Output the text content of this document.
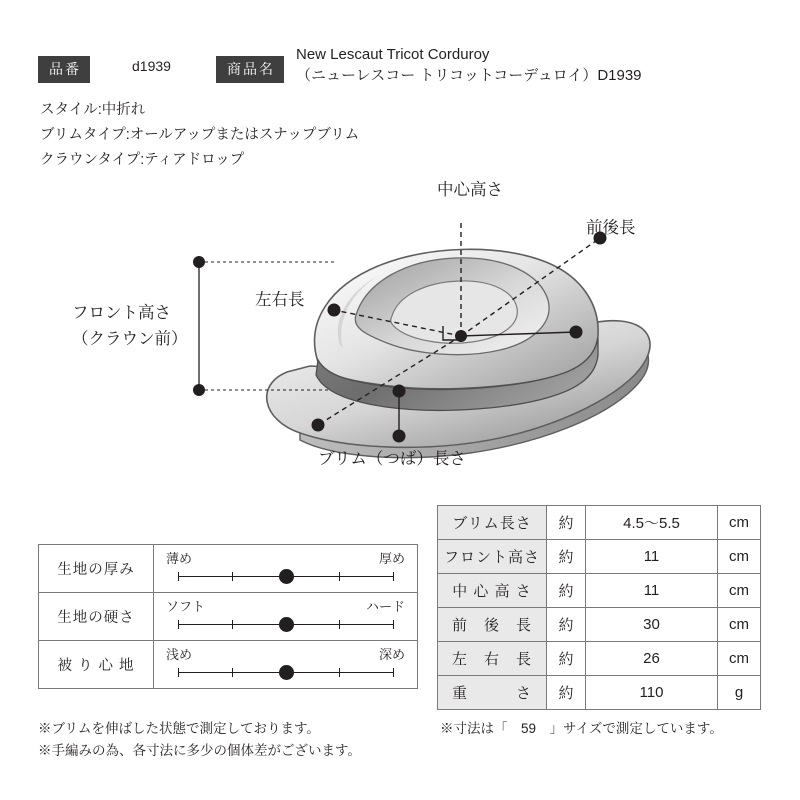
品番	d1939	商品名
New Lescaut Tricot Corduroy
（ニューレスコー トリコットコーデュロイ）D1939
スタイル:中折れ
ブリムタイプ:オールアップまたはスナップブリム
クラウンタイプ:ティアドロップ
中心高さ
前後長
左右長
フロント高さ
（クラウン前）
ブリム（つば）長さ
生地の厚み	薄め 厚め

生地の硬さ	ソフト ハード

被 り 心 地	浅め 深め
ブリム長さ	約	4.5〜5.5	cm
フロント高さ	約	11	cm
中 心 高 さ	約	11	cm
前　後　長	約	30	cm
左　右　長	約	26	cm
重　　　さ	約	110	g
※ブリムを伸ばした状態で測定しております。
※手編みの為、各寸法に多少の個体差がございます。
※寸法は「　59　」サイズで測定しています。
